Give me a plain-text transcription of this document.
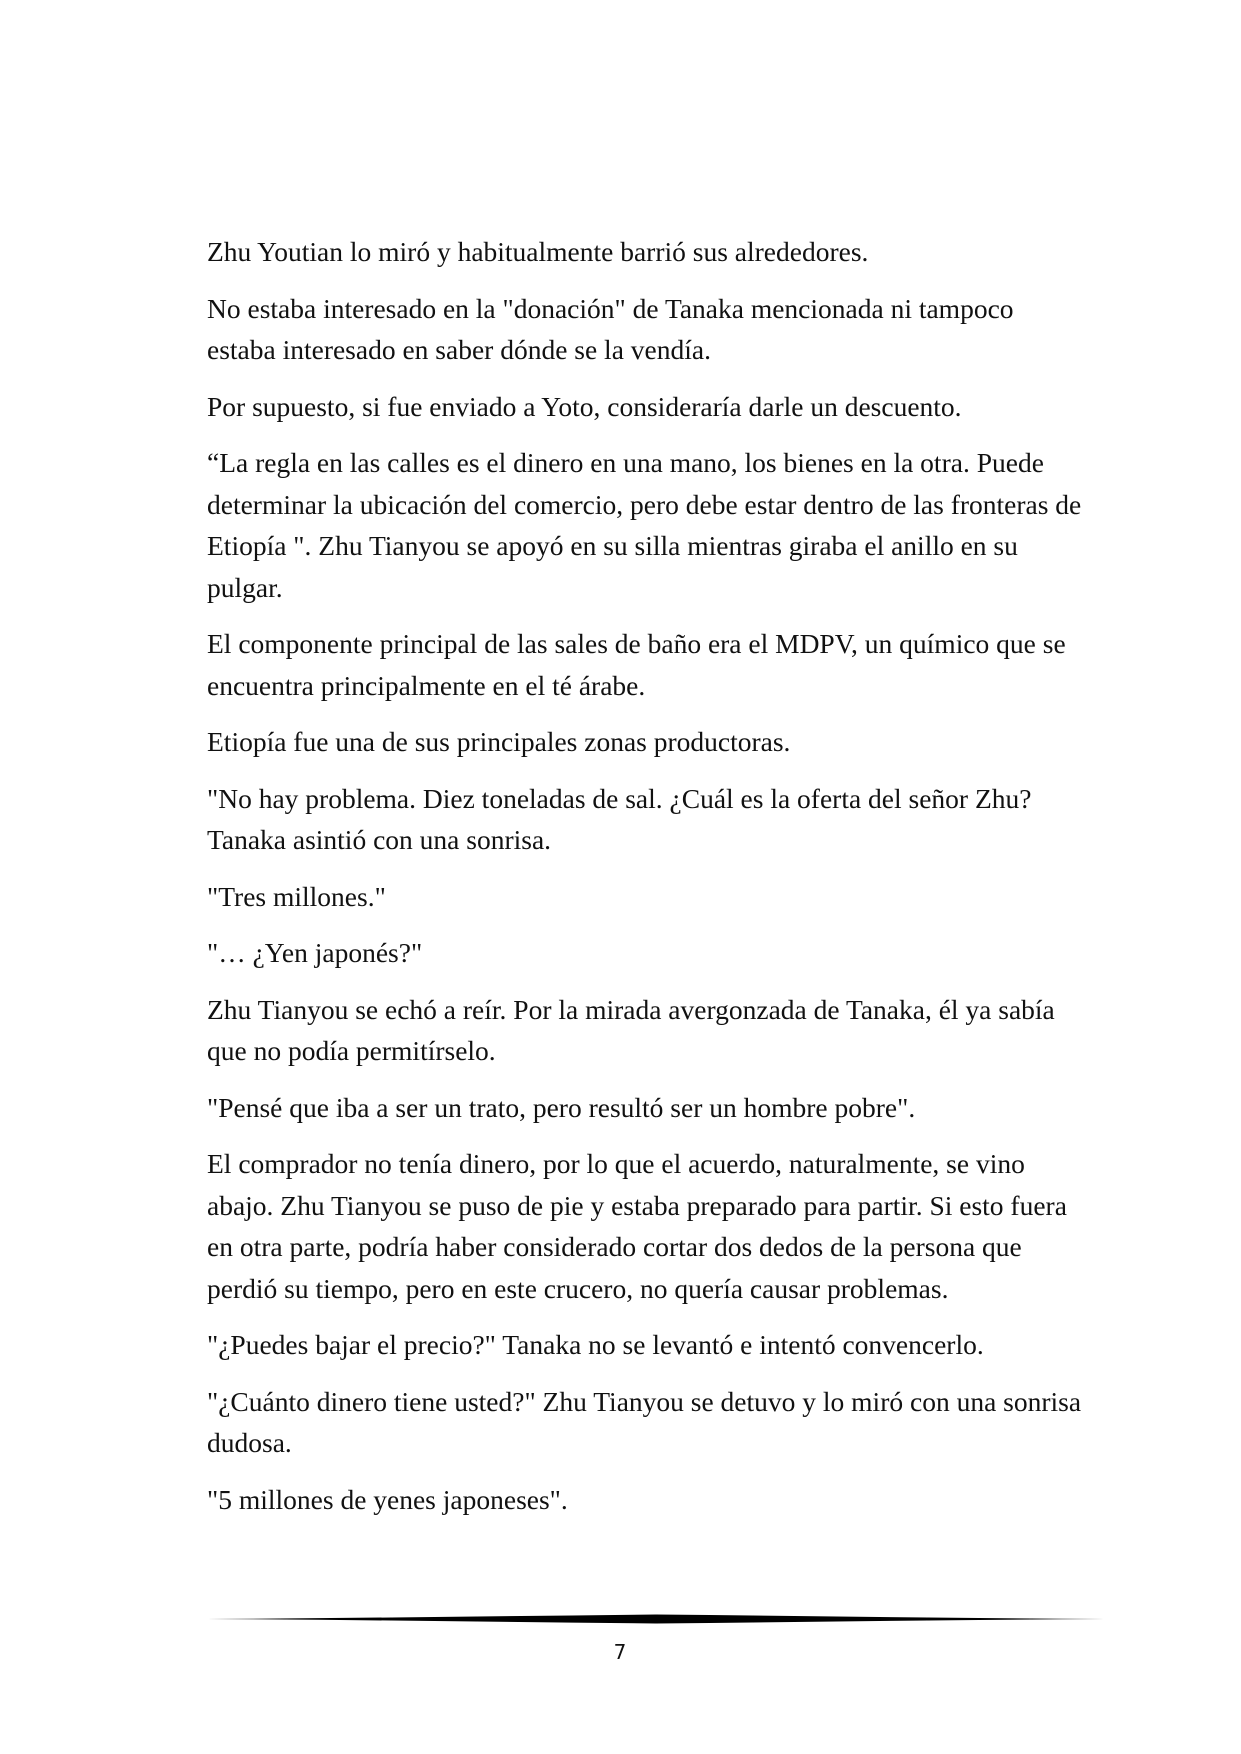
Zhu Youtian lo miró y habitualmente barrió sus alrededores.

No estaba interesado en la "donación" de Tanaka mencionada ni tampoco estaba interesado en saber dónde se la vendía.

Por supuesto, si fue enviado a Yoto, consideraría darle un descuento.

“La regla en las calles es el dinero en una mano, los bienes en la otra. Puede determinar la ubicación del comercio, pero debe estar dentro de las fronteras de Etiopía ". Zhu Tianyou se apoyó en su silla mientras giraba el anillo en su pulgar.

El componente principal de las sales de baño era el MDPV, un químico que se encuentra principalmente en el té árabe.

Etiopía fue una de sus principales zonas productoras.

"No hay problema. Diez toneladas de sal. ¿Cuál es la oferta del señor Zhu? Tanaka asintió con una sonrisa.

"Tres millones."

"… ¿Yen japonés?"

Zhu Tianyou se echó a reír. Por la mirada avergonzada de Tanaka, él ya sabía que no podía permitírselo.

"Pensé que iba a ser un trato, pero resultó ser un hombre pobre".

El comprador no tenía dinero, por lo que el acuerdo, naturalmente, se vino abajo. Zhu Tianyou se puso de pie y estaba preparado para partir. Si esto fuera en otra parte, podría haber considerado cortar dos dedos de la persona que perdió su tiempo, pero en este crucero, no quería causar problemas.

"¿Puedes bajar el precio?" Tanaka no se levantó e intentó convencerlo.

"¿Cuánto dinero tiene usted?" Zhu Tianyou se detuvo y lo miró con una sonrisa dudosa.

"5 millones de yenes japoneses".

7
